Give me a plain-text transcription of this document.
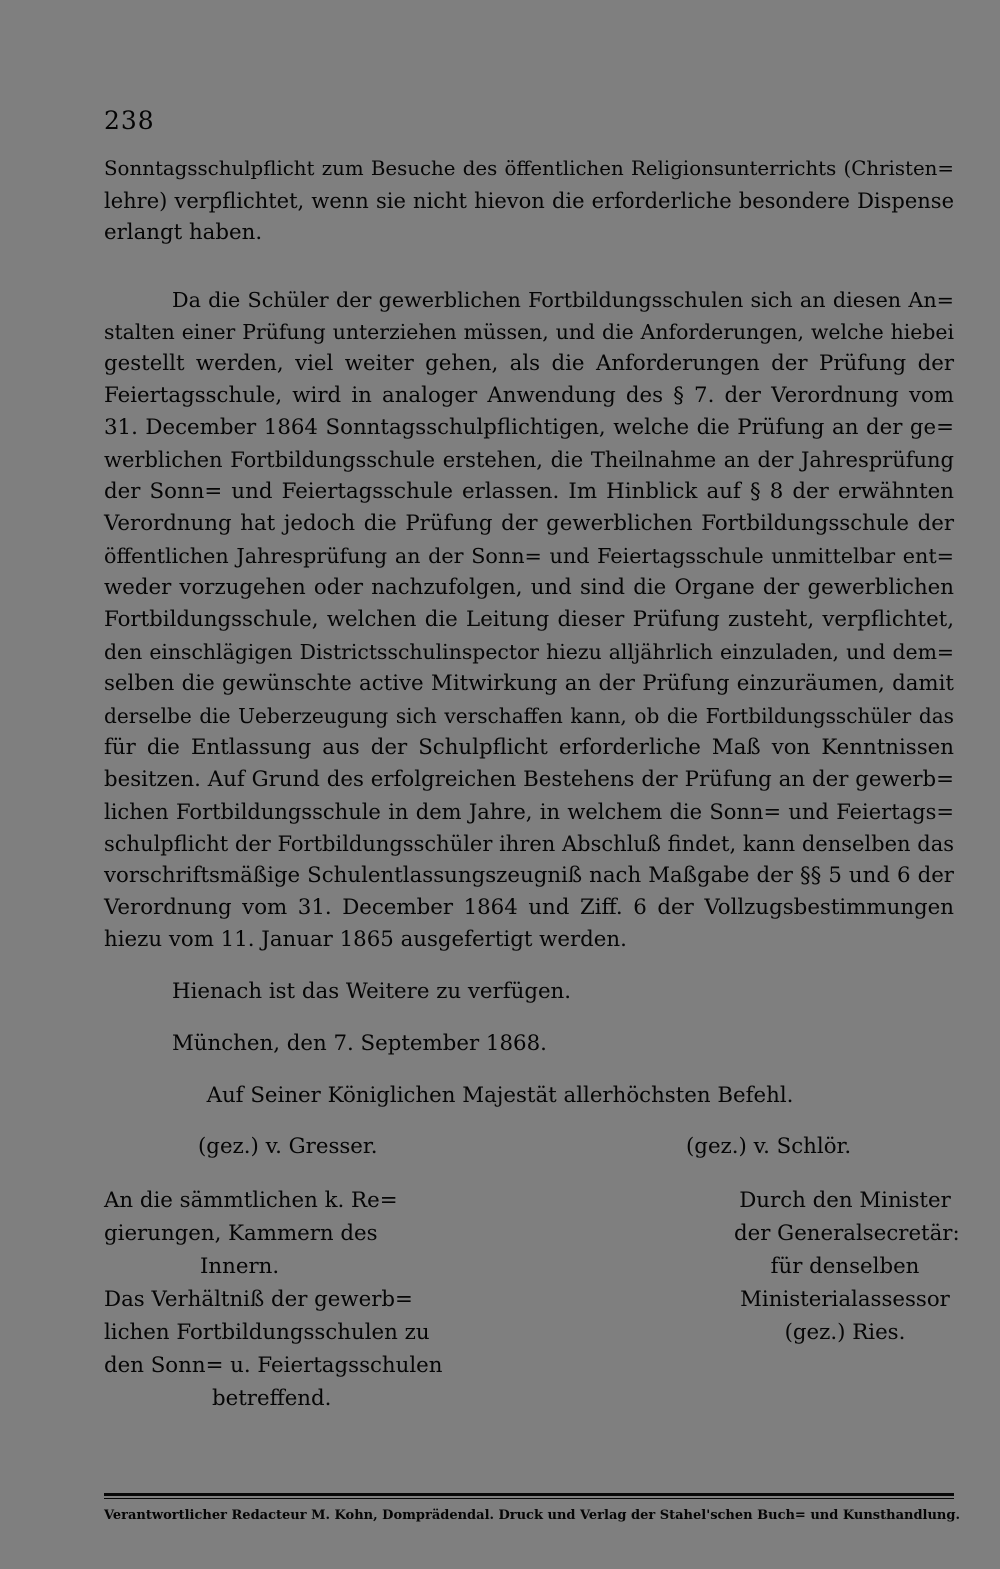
238
Sonntagsschulpflicht zum Besuche des öffentlichen Religionsunterrichts (Christen=
lehre) verpflichtet, wenn sie nicht hievon die erforderliche besondere Dispense
erlangt haben.
Da die Schüler der gewerblichen Fortbildungsschulen sich an diesen An=
stalten einer Prüfung unterziehen müssen, und die Anforderungen, welche hiebei
gestellt werden, viel weiter gehen, als die Anforderungen der Prüfung der
Feiertagsschule, wird in analoger Anwendung des § 7. der Verordnung vom
31. December 1864 Sonntagsschulpflichtigen, welche die Prüfung an der ge=
werblichen Fortbildungsschule erstehen, die Theilnahme an der Jahresprüfung
der Sonn= und Feiertagsschule erlassen. Im Hinblick auf § 8 der erwähnten
Verordnung hat jedoch die Prüfung der gewerblichen Fortbildungsschule der
öffentlichen Jahresprüfung an der Sonn= und Feiertagsschule unmittelbar ent=
weder vorzugehen oder nachzufolgen, und sind die Organe der gewerblichen
Fortbildungsschule, welchen die Leitung dieser Prüfung zusteht, verpflichtet,
den einschlägigen Districtsschulinspector hiezu alljährlich einzuladen, und dem=
selben die gewünschte active Mitwirkung an der Prüfung einzuräumen, damit
derselbe die Ueberzeugung sich verschaffen kann, ob die Fortbildungsschüler das
für die Entlassung aus der Schulpflicht erforderliche Maß von Kenntnissen
besitzen. Auf Grund des erfolgreichen Bestehens der Prüfung an der gewerb=
lichen Fortbildungsschule in dem Jahre, in welchem die Sonn= und Feiertags=
schulpflicht der Fortbildungsschüler ihren Abschluß findet, kann denselben das
vorschriftsmäßige Schulentlassungszeugniß nach Maßgabe der §§ 5 und 6 der
Verordnung vom 31. December 1864 und Ziff. 6 der Vollzugsbestimmungen
hiezu vom 11. Januar 1865 ausgefertigt werden.
Hienach ist das Weitere zu verfügen.
München, den 7. September 1868.
Auf Seiner Königlichen Majestät allerhöchsten Befehl.
(gez.) v. Gresser.	(gez.) v. Schlör.
An die sämmtlichen k. Re=
gierungen, Kammern des
Innern.
Das Verhältniß der gewerb=
lichen Fortbildungsschulen zu
den Sonn= u. Feiertagsschulen
betreffend.
Durch den Minister
der Generalsecretär:
für denselben
Ministerialassessor
(gez.) Ries.
Verantwortlicher Redacteur M. Kohn, Domprädendal. Druck und Verlag der Stahel'schen Buch= und Kunsthandlung.
